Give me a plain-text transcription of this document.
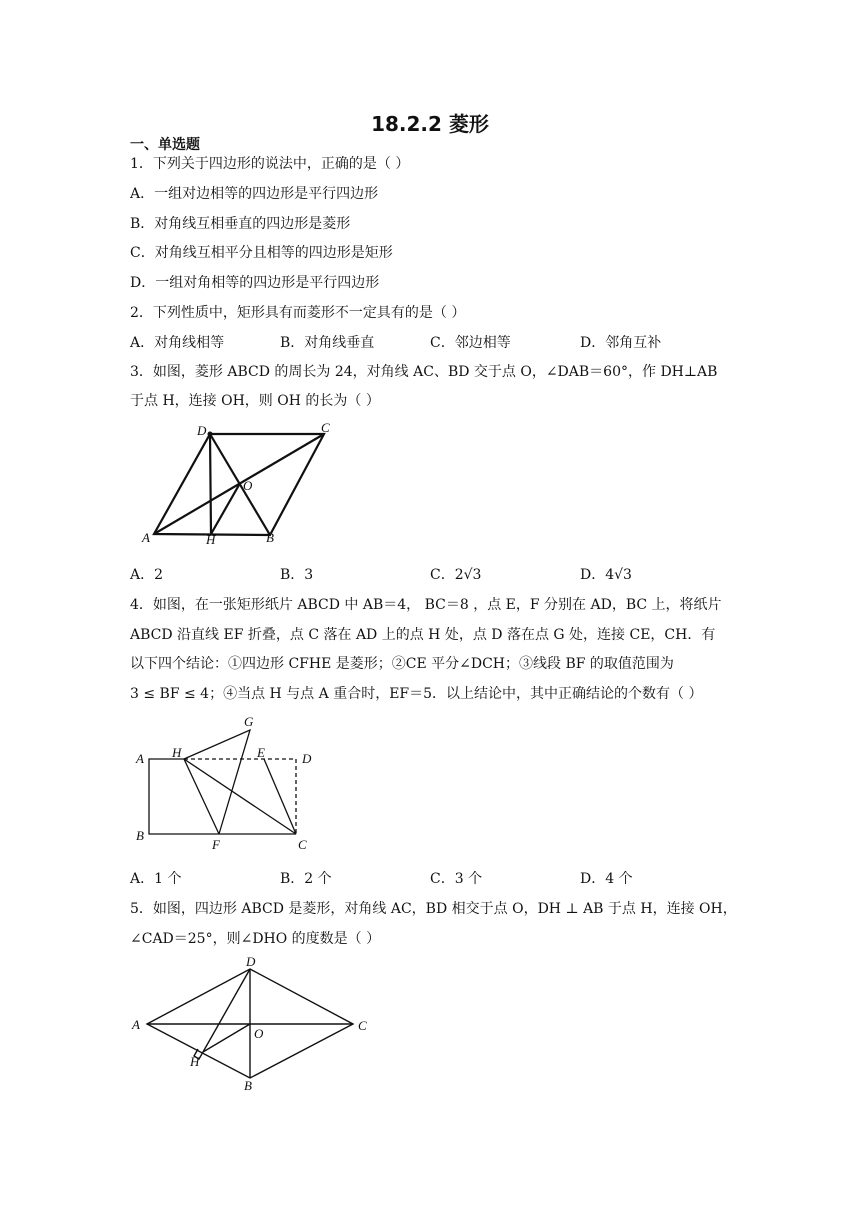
18.2.2 菱形
一、单选题
1．下列关于四边形的说法中，正确的是（ ）
A．一组对边相等的四边形是平行四边形
B．对角线互相垂直的四边形是菱形
C．对角线互相平分且相等的四边形是矩形
D．一组对角相等的四边形是平行四边形
2．下列性质中，矩形具有而菱形不一定具有的是（ ）
A．对角线相等	B．对角线垂直	C．邻边相等	D．邻角互补
3．如图，菱形 ABCD 的周长为 24，对角线 AC、BD 交于点 O，∠DAB＝60°，作 DH⊥AB
于点 H，连接 OH，则 OH 的长为（ ）
D	C
O
A	H	B
A．2	B．3	C．2√3	D．4√3
4．如图，在一张矩形纸片 ABCD 中 AB＝4， BC＝8 ，点 E，F 分别在 AD，BC 上，将纸片
ABCD 沿直线 EF 折叠，点 C 落在 AD 上的点 H 处，点 D 落在点 G 处，连接 CE，CH．有
以下四个结论：①四边形 CFHE 是菱形；②CE 平分∠DCH；③线段 BF 的取值范围为
3 ≤ BF ≤ 4；④当点 H 与点 A 重合时，EF＝5．以上结论中，其中正确结论的个数有（ ）
G
A H	E	D
B
F	C
A．1 个	B．2 个	C．3 个	D．4 个
5．如图，四边形 ABCD 是菱形，对角线 AC，BD 相交于点 O，DH ⊥ AB 于点 H，连接 OH，
∠CAD＝25°，则∠DHO 的度数是（ ）
D
A
O
C
H
B
